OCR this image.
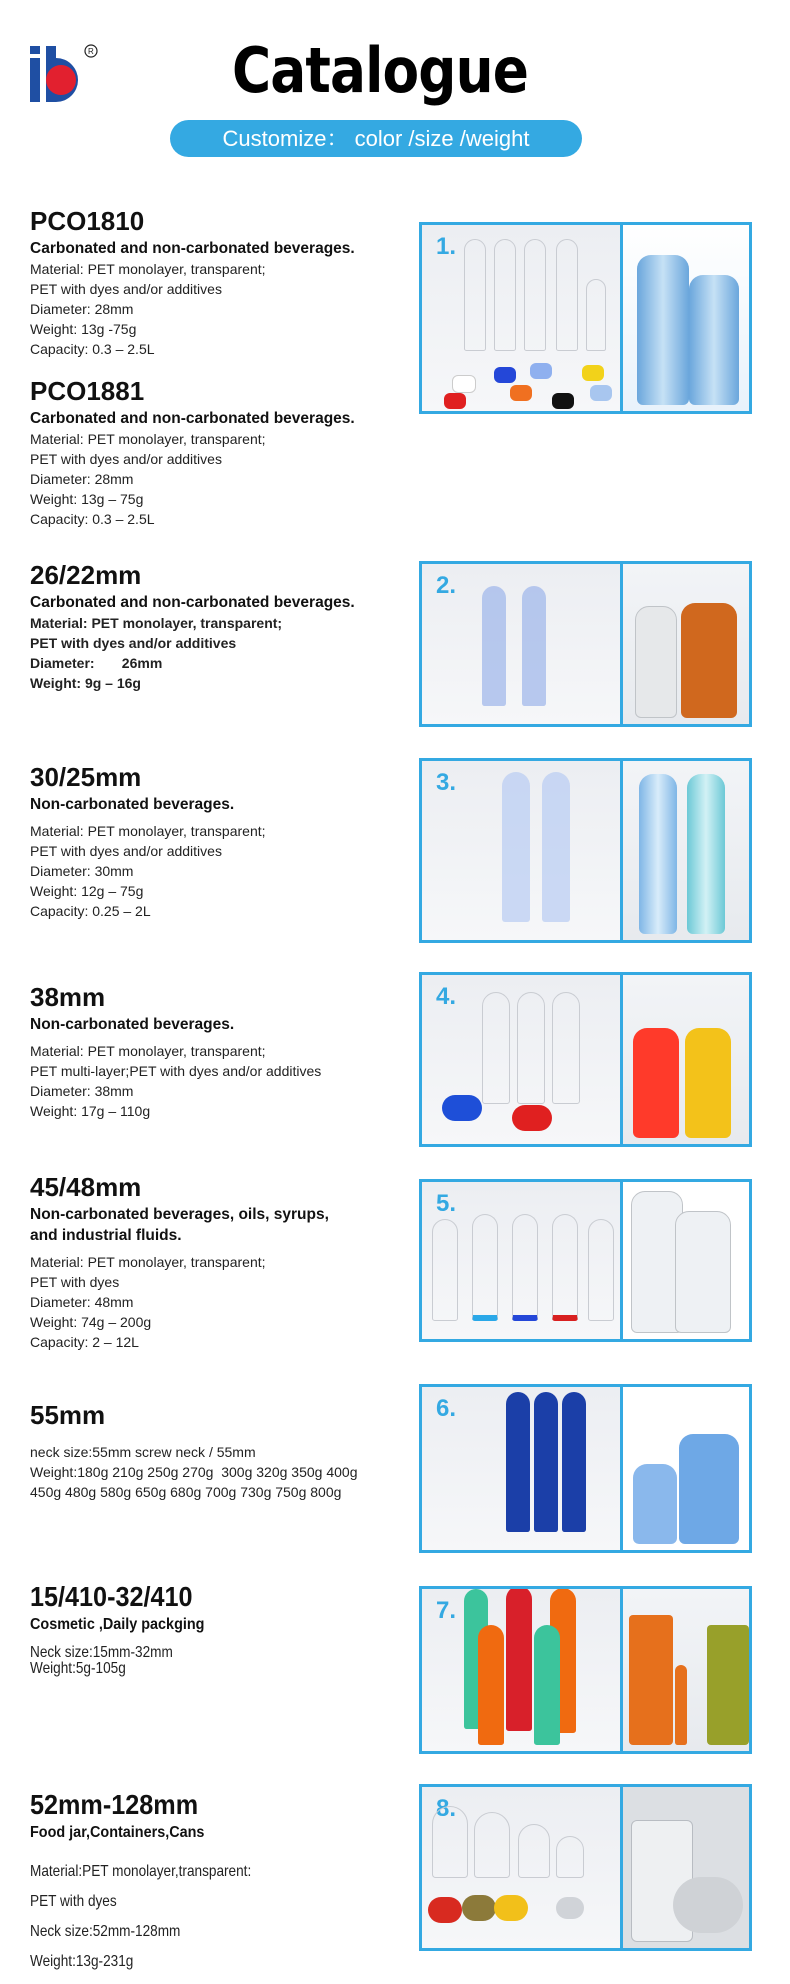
R	Catalogue
Customize： color /size /weight
PCO1810
Carbonated and non-carbonated beverages.
Material: PET monolayer, transparent;
PET with dyes and/or additives
Diameter: 28mm
Weight: 13g -75g
Capacity: 0.3 – 2.5L
PCO1881
Carbonated and non-carbonated beverages.
Material: PET monolayer, transparent;
PET with dyes and/or additives
Diameter: 28mm
Weight: 13g – 75g
Capacity: 0.3 – 2.5L
26/22mm
Carbonated and non-carbonated beverages.
Material: PET monolayer, transparent;
PET with dyes and/or additives
Diameter:       26mm
Weight: 9g – 16g
30/25mm
Non-carbonated beverages.
Material: PET monolayer, transparent;
PET with dyes and/or additives
Diameter: 30mm
Weight: 12g – 75g
Capacity: 0.25 – 2L
38mm
Non-carbonated beverages.
Material: PET monolayer, transparent;
PET multi-layer;PET with dyes and/or additives
Diameter: 38mm
Weight: 17g – 110g
45/48mm
Non-carbonated beverages, oils, syrups,
and industrial fluids.
Material: PET monolayer, transparent;
PET with dyes
Diameter: 48mm
Weight: 74g – 200g
Capacity: 2 – 12L
55mm
neck size:55mm screw neck / 55mm
Weight:180g 210g 250g 270g  300g 320g 350g 400g
450g 480g 580g 650g 680g 700g 730g 750g 800g
15/410-32/410
Cosmetic ,Daily packging
Neck size:15mm-32mm
Weight:5g-105g
52mm-128mm
Food jar,Containers,Cans
Material:PET monolayer,transparent:
PET with dyes
Neck size:52mm-128mm
Weight:13g-231g
1.
2.
3.
4.
5.
6.
7.
8.
